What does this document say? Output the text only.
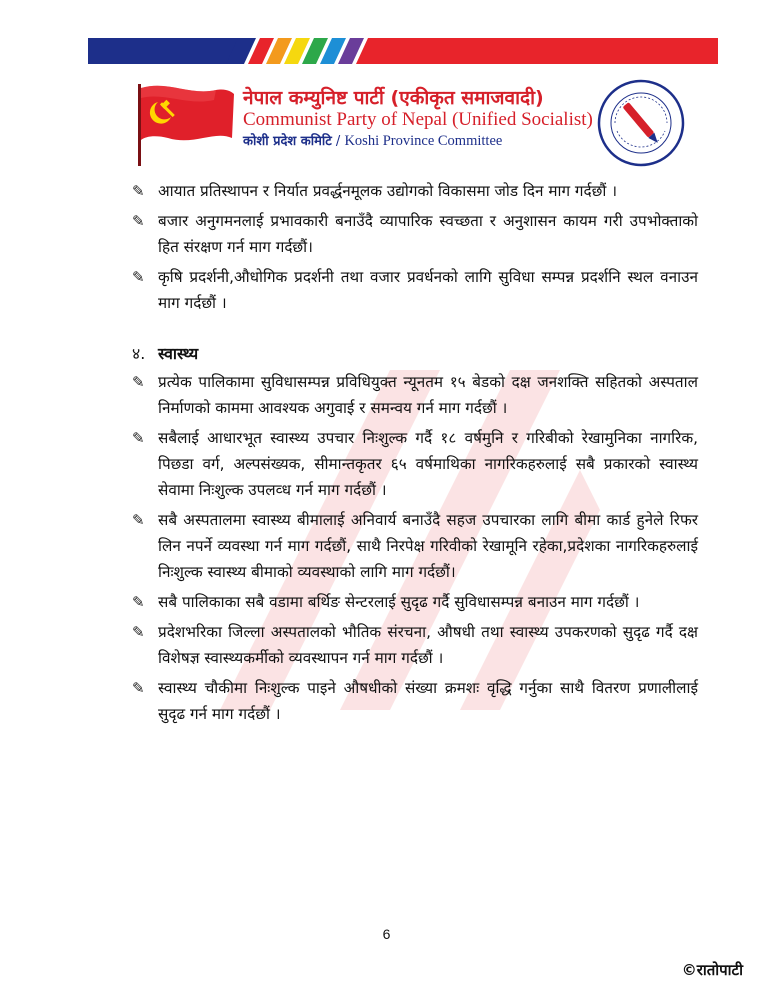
नेपाल कम्युनिष्ट पार्टी (एकीकृत समाजवादी)
Communist Party of Nepal (Unified Socialist)
कोशी प्रदेश कमिटि / Koshi Province Committee
✎ आयात प्रतिस्थापन र निर्यात प्रवर्द्धनमूलक उद्योगको विकासमा जोड दिन माग गर्दछौं ।
✎ बजार अनुगमनलाई प्रभावकारी बनाउँदै व्यापारिक स्वच्छता र अनुशासन कायम गरी उपभोक्ताको हित संरक्षण गर्न माग गर्दछौं।
✎ कृषि प्रदर्शनी,औधोगिक प्रदर्शनी तथा वजार प्रवर्धनको लागि सुविधा सम्पन्न प्रदर्शनि स्थल वनाउन माग गर्दछौं ।
४. स्वास्थ्य
✎ प्रत्येक पालिकामा सुविधासम्पन्न प्रविधियुक्त न्यूनतम १५ बेडको दक्ष जनशक्ति सहितको अस्पताल निर्माणको काममा आवश्यक अगुवाई र समन्वय गर्न माग गर्दछौं ।
✎ सबैलाई आधारभूत स्वास्थ्य उपचार निःशुल्क गर्दै १८ वर्षमुनि र गरिबीको रेखामुनिका नागरिक, पिछडा वर्ग, अल्पसंख्यक, सीमान्तकृतर ६५ वर्षमाथिका नागरिकहरुलाई सबै प्रकारको स्वास्थ्य सेवामा निःशुल्क उपलव्ध गर्न माग गर्दछौं ।
✎ सबै अस्पतालमा स्वास्थ्य बीमालाई अनिवार्य बनाउँदै सहज उपचारका लागि बीमा कार्ड हुनेले रिफर लिन नपर्ने व्यवस्था गर्न माग गर्दछौं, साथै निरपेक्ष गरिवीको रेखामूनि रहेका,प्रदेशका नागरिकहरुलाई निःशुल्क स्वास्थ्य बीमाको व्यवस्थाको लागि माग गर्दछौं।
✎ सबै पालिकाका सबै वडामा बर्थिङ सेन्टरलाई सुदृढ गर्दै सुविधासम्पन्न बनाउन माग गर्दछौं ।
✎ प्रदेशभरिका जिल्ला अस्पतालको भौतिक संरचना, औषधी तथा स्वास्थ्य उपकरणको सुदृढ गर्दै दक्ष विशेषज्ञ स्वास्थ्यकर्मीको व्यवस्थापन गर्न माग गर्दछौं ।
✎ स्वास्थ्य चौकीमा निःशुल्क पाइने औषधीको संख्या क्रमशः वृद्धि गर्नुका साथै वितरण प्रणालीलाई सुदृढ गर्न माग गर्दछौं ।
6
©रातोपाटी
